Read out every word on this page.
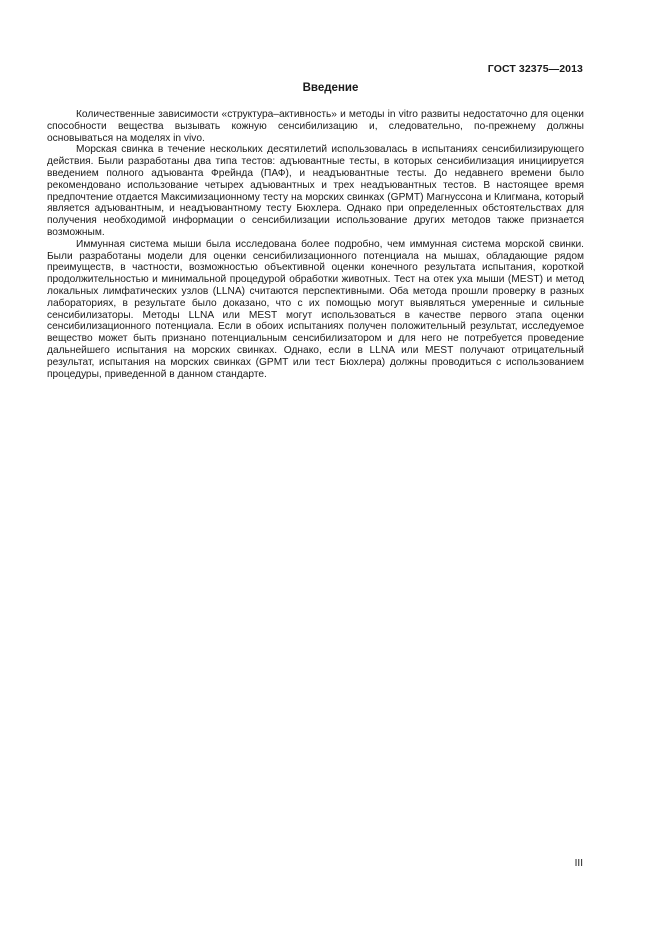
ГОСТ 32375—2013
Введение

Количественные зависимости «структура–активность» и методы in vitro развиты недостаточно для оценки способности вещества вызывать кожную сенсибилизацию и, следовательно, по-прежнему должны основываться на моделях in vivo.

Морская свинка в течение нескольких десятилетий использовалась в испытаниях сенсибилизирующего действия. Были разработаны два типа тестов: адъювантные тесты, в которых сенсибилизация инициируется введением полного адъюванта Фрейнда (ПАФ), и неадъювантные тесты. До недавнего времени было рекомендовано использование четырех адъювантных и трех неадъювантных тестов. В настоящее время предпочтение отдается Максимизационному тесту на морских свинках (GPMT) Магнуссона и Клигмана, который является адъювантным, и неадъювантному тесту Бюхлера. Однако при определенных обстоятельствах для получения необходимой информации о сенсибилизации использование других методов также признается возможным.

Иммунная система мыши была исследована более подробно, чем иммунная система морской свинки. Были разработаны модели для оценки сенсибилизационного потенциала на мышах, обладающие рядом преимуществ, в частности, возможностью объективной оценки конечного результата испытания, короткой продолжительностью и минимальной процедурой обработки животных. Тест на отек уха мыши (MEST) и метод локальных лимфатических узлов (LLNA) считаются перспективными. Оба метода прошли проверку в разных лабораториях, в результате было доказано, что с их помощью могут выявляться умеренные и сильные сенсибилизаторы. Методы LLNA или MEST могут использоваться в качестве первого этапа оценки сенсибилизационного потенциала. Если в обоих испытаниях получен положительный результат, исследуемое вещество может быть признано потенциальным сенсибилизатором и для него не потребуется проведение дальнейшего испытания на морских свинках. Однако, если в LLNA или MEST получают отрицательный результат, испытания на морских свинках (GPMT или тест Бюхлера) должны проводиться с использованием процедуры, приведенной в данном стандарте.

III
